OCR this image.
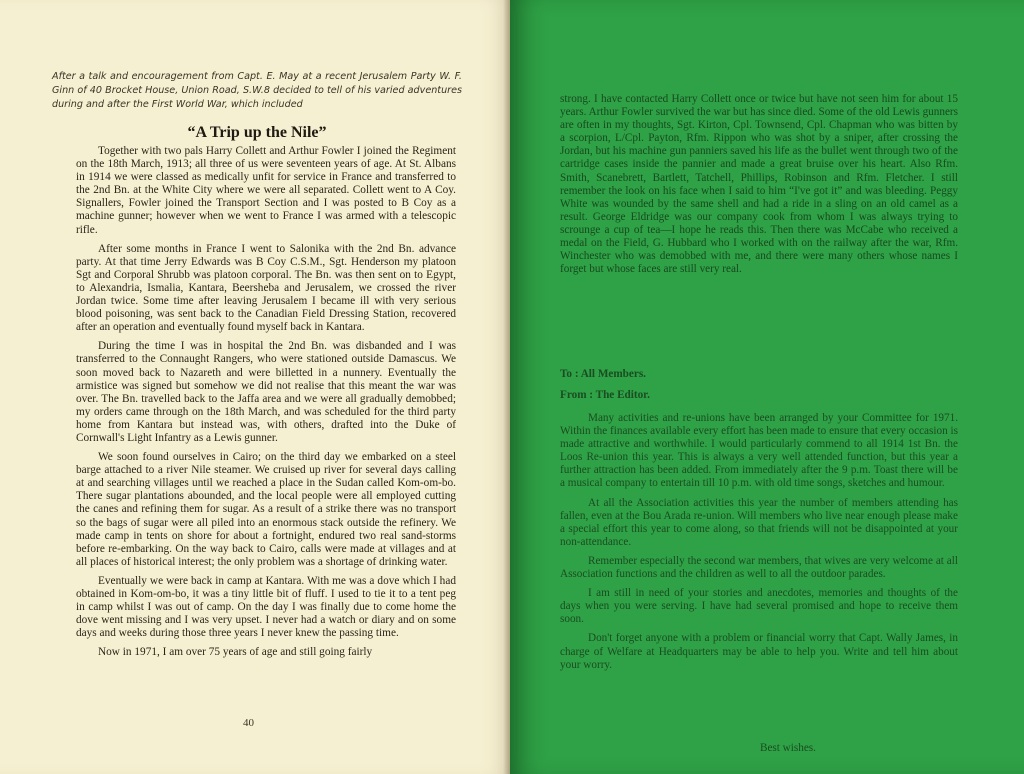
After a talk and encouragement from Capt. E. May at a recent Jerusalem Party W. F. Ginn of 40 Brocket House, Union Road, S.W.8 decided to tell of his varied adventures during and after the First World War, which included
“A Trip up the Nile”

Together with two pals Harry Collett and Arthur Fowler I joined the Regiment on the 18th March, 1913; all three of us were seventeen years of age. At St. Albans in 1914 we were classed as medically unfit for service in France and transferred to the 2nd Bn. at the White City where we were all separated. Collett went to A Coy. Signallers, Fowler joined the Transport Section and I was posted to B Coy as a machine gunner; however when we went to France I was armed with a telescopic rifle.

After some months in France I went to Salonika with the 2nd Bn. advance party. At that time Jerry Edwards was B Coy C.S.M., Sgt. Henderson my platoon Sgt and Corporal Shrubb was platoon corporal. The Bn. was then sent on to Egypt, to Alexandria, Ismalia, Kantara, Beersheba and Jerusalem, we crossed the river Jordan twice. Some time after leaving Jerusalem I became ill with very serious blood poisoning, was sent back to the Canadian Field Dressing Station, recovered after an operation and eventually found myself back in Kantara.

During the time I was in hospital the 2nd Bn. was disbanded and I was transferred to the Connaught Rangers, who were stationed outside Damascus. We soon moved back to Nazareth and were billetted in a nunnery. Eventually the armistice was signed but somehow we did not realise that this meant the war was over. The Bn. travelled back to the Jaffa area and we were all gradually demobbed; my orders came through on the 18th March, and was scheduled for the third party home from Kantara but instead was, with others, drafted into the Duke of Cornwall's Light Infantry as a Lewis gunner.

We soon found ourselves in Cairo; on the third day we embarked on a steel barge attached to a river Nile steamer. We cruised up river for several days calling at and searching villages until we reached a place in the Sudan called Kom-om-bo. There sugar plantations abounded, and the local people were all employed cutting the canes and refining them for sugar. As a result of a strike there was no transport so the bags of sugar were all piled into an enormous stack outside the refinery. We made camp in tents on shore for about a fortnight, endured two real sand-storms before re-embarking. On the way back to Cairo, calls were made at villages and at all places of historical interest; the only problem was a shortage of drinking water.

Eventually we were back in camp at Kantara. With me was a dove which I had obtained in Kom-om-bo, it was a tiny little bit of fluff. I used to tie it to a tent peg in camp whilst I was out of camp. On the day I was finally due to come home the dove went missing and I was very upset. I never had a watch or diary and on some days and weeks during those three years I never knew the passing time.

Now in 1971, I am over 75 years of age and still going fairly

40

strong. I have contacted Harry Collett once or twice but have not seen him for about 15 years. Arthur Fowler survived the war but has since died. Some of the old Lewis gunners are often in my thoughts, Sgt. Kirton, Cpl. Townsend, Cpl. Chapman who was bitten by a scorpion, L/Cpl. Payton, Rfm. Rippon who was shot by a sniper, after crossing the Jordan, but his machine gun panniers saved his life as the bullet went through two of the cartridge cases inside the pannier and made a great bruise over his heart. Also Rfm. Smith, Scanebrett, Bartlett, Tatchell, Phillips, Robinson and Rfm. Fletcher. I still remember the look on his face when I said to him “I've got it” and was bleeding. Peggy White was wounded by the same shell and had a ride in a sling on an old camel as a result. George Eldridge was our company cook from whom I was always trying to scrounge a cup of tea—I hope he reads this. Then there was McCabe who received a medal on the Field, G. Hubbard who I worked with on the railway after the war, Rfm. Winchester who was demobbed with me, and there were many others whose names I forget but whose faces are still very real.

To : All Members.
From : The Editor.

Many activities and re-unions have been arranged by your Committee for 1971. Within the finances available every effort has been made to ensure that every occasion is made attractive and worthwhile. I would particularly commend to all 1914 1st Bn. the Loos Re-union this year. This is always a very well attended function, but this year a further attraction has been added. From immediately after the 9 p.m. Toast there will be a musical company to entertain till 10 p.m. with old time songs, sketches and humour.

At all the Association activities this year the number of members attending has fallen, even at the Bou Arada re-union. Will members who live near enough please make a special effort this year to come along, so that friends will not be disappointed at your non-attendance.

Remember especially the second war members, that wives are very welcome at all Association functions and the children as well to all the outdoor parades.

I am still in need of your stories and anecdotes, memories and thoughts of the days when you were serving. I have had several promised and hope to receive them soon.

Don't forget anyone with a problem or financial worry that Capt. Wally James, in charge of Welfare at Headquarters may be able to help you. Write and tell him about your worry.

Best wishes.
